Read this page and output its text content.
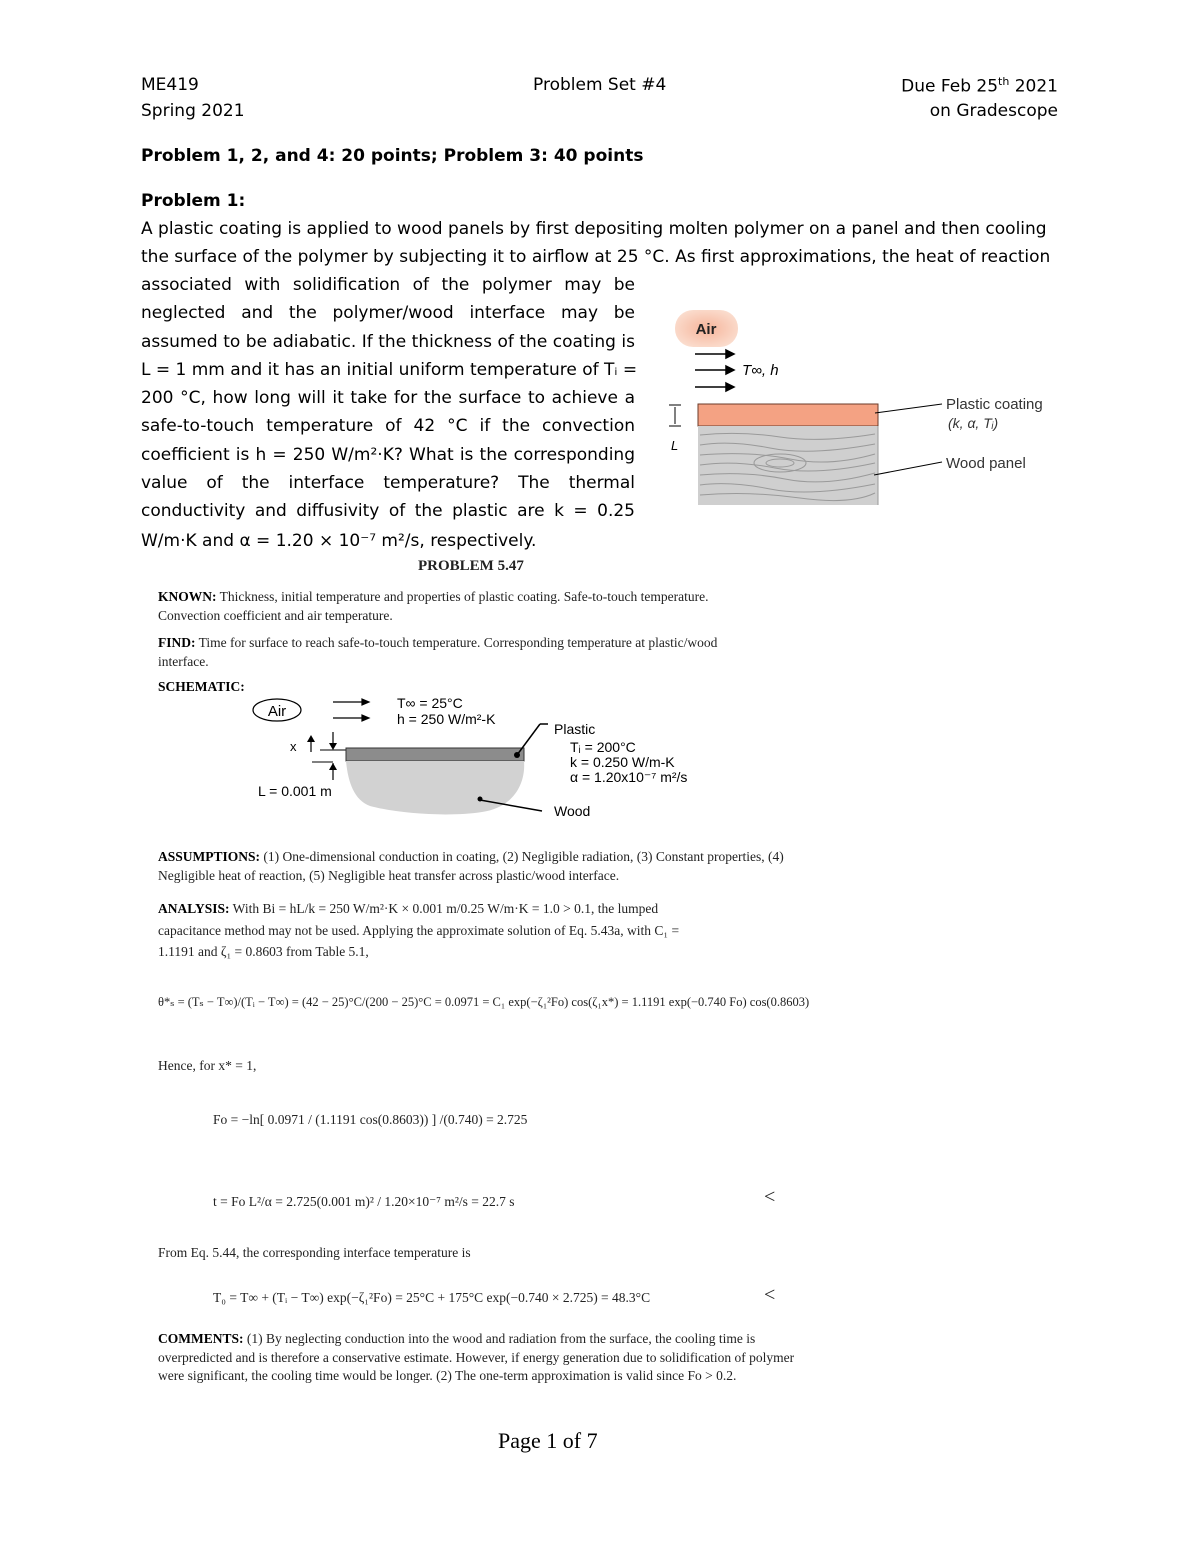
ME419
Spring 2021
Problem Set #4	Due Feb 25th 2021
on Gradescope
Problem 1, 2, and 4: 20 points; Problem 3: 40 points
Problem 1:
A plastic coating is applied to wood panels by first depositing molten polymer on a panel and then cooling
the surface of the polymer by subjecting it to airflow at 25 °C. As first approximations, the heat of reaction
associated with solidification of the polymer may be
neglected and the polymer/wood interface may be
assumed to be adiabatic. If the thickness of the coating is
L = 1 mm and it has an initial uniform temperature of Tᵢ =
200 °C, how long will it take for the surface to achieve a
safe-to-touch temperature of 42 °C if the convection
coefficient is h = 250 W/m²·K? What is the corresponding
value of the interface temperature? The thermal
conductivity and diffusivity of the plastic are k = 0.25
W/m·K and α = 1.20 × 10⁻⁷ m²/s, respectively.
Air
T∞, h
L
Plastic coating
(k, α, Tᵢ)
Wood panel
PROBLEM 5.47
KNOWN: Thickness, initial temperature and properties of plastic coating. Safe-to-touch temperature. Convection coefficient and air temperature.
FIND: Time for surface to reach safe-to-touch temperature. Corresponding temperature at plastic/wood interface.
SCHEMATIC:
Air	T∞ = 25°C
h = 250 W/m²-K
x
L = 0.001 m
Plastic
Tᵢ = 200°C
k = 0.250 W/m-K
α = 1.20x10⁻⁷ m²/s
Wood
ASSUMPTIONS: (1) One-dimensional conduction in coating, (2) Negligible radiation, (3) Constant properties, (4) Negligible heat of reaction, (5) Negligible heat transfer across plastic/wood interface.
ANALYSIS: With Bi = hL/k = 250 W/m²·K × 0.001 m/0.25 W/m·K = 1.0 > 0.1, the lumped
capacitance method may not be used. Applying the approximate solution of Eq. 5.43a, with C₁ =
1.1191 and ζ₁ = 0.8603 from Table 5.1,
θ*ₛ = (Tₛ − T∞)/(Tᵢ − T∞) = (42 − 25)°C/(200 − 25)°C = 0.0971 = C₁ exp(−ζ₁²Fo) cos(ζ₁x*) = 1.1191 exp(−0.740 Fo) cos(0.8603)
Hence, for x* = 1,
Fo = −ln[ 0.0971 / (1.1191 cos(0.8603)) ] /(0.740) = 2.725
t = Fo L²/α = 2.725(0.001 m)² / 1.20×10⁻⁷ m²/s = 22.7 s	<
From Eq. 5.44, the corresponding interface temperature is
T₀ = T∞ + (Tᵢ − T∞) exp(−ζ₁²Fo) = 25°C + 175°C exp(−0.740 × 2.725) = 48.3°C	<
COMMENTS: (1) By neglecting conduction into the wood and radiation from the surface, the cooling time is overpredicted and is therefore a conservative estimate. However, if energy generation due to solidification of polymer were significant, the cooling time would be longer. (2) The one-term approximation is valid since Fo > 0.2.
Page 1 of 7
